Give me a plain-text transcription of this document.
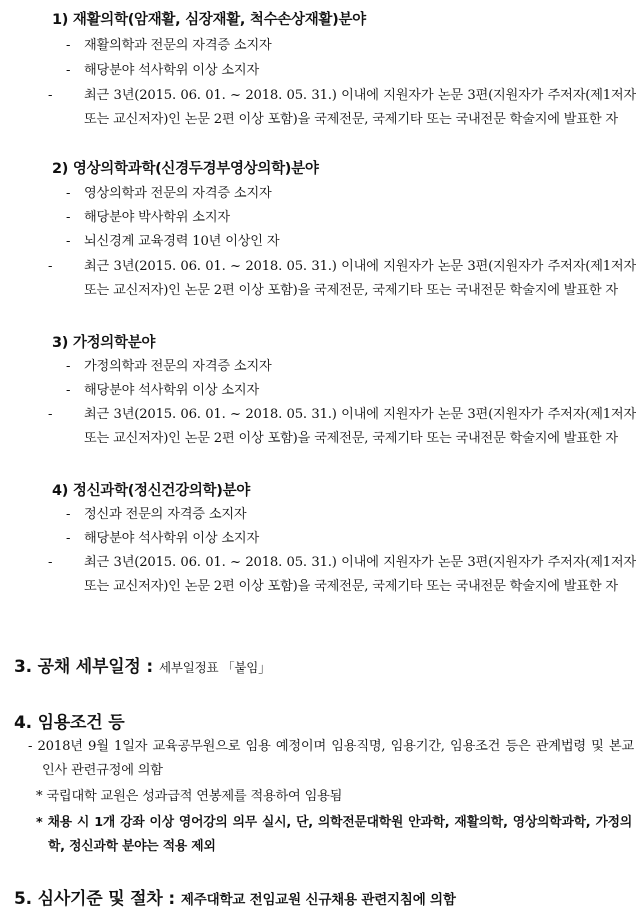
1) 재활의학(암재활, 심장재활, 척수손상재활)분야
- 재활의학과 전문의 자격증 소지자
- 해당분야 석사학위 이상 소지자
- 최근 3년(2015. 06. 01. ~ 2018. 05. 31.) 이내에 지원자가 논문 3편(지원자가 주저자(제1저자 또는 교신저자)인 논문 2편 이상 포함)을 국제전문, 국제기타 또는 국내전문 학술지에 발표한 자
2) 영상의학과학(신경두경부영상의학)분야
- 영상의학과 전문의 자격증 소지자
- 해당분야 박사학위 소지자
- 뇌신경계 교육경력 10년 이상인 자
- 최근 3년(2015. 06. 01. ~ 2018. 05. 31.) 이내에 지원자가 논문 3편(지원자가 주저자(제1저자 또는 교신저자)인 논문 2편 이상 포함)을 국제전문, 국제기타 또는 국내전문 학술지에 발표한 자
3) 가정의학분야
- 가정의학과 전문의 자격증 소지자
- 해당분야 석사학위 이상 소지자
- 최근 3년(2015. 06. 01. ~ 2018. 05. 31.) 이내에 지원자가 논문 3편(지원자가 주저자(제1저자 또는 교신저자)인 논문 2편 이상 포함)을 국제전문, 국제기타 또는 국내전문 학술지에 발표한 자
4) 정신과학(정신건강의학)분야
- 정신과 전문의 자격증 소지자
- 해당분야 석사학위 이상 소지자
- 최근 3년(2015. 06. 01. ~ 2018. 05. 31.) 이내에 지원자가 논문 3편(지원자가 주저자(제1저자 또는 교신저자)인 논문 2편 이상 포함)을 국제전문, 국제기타 또는 국내전문 학술지에 발표한 자
3. 공채 세부일정 : 세부일정표 「붙임」
4. 임용조건 등
- 2018년 9월 1일자 교육공무원으로 임용 예정이며 임용직명, 임용기간, 임용조건 등은 관계법령 및 본교 인사 관련규정에 의함
* 국립대학 교원은 성과급적 연봉제를 적용하여 임용됨
* 채용 시 1개 강좌 이상 영어강의 의무 실시, 단, 의학전문대학원 안과학, 재활의학, 영상의학과학, 가정의학, 정신과학 분야는 적용 제외
5. 심사기준 및 절차 : 제주대학교 전임교원 신규채용 관련지침에 의함
